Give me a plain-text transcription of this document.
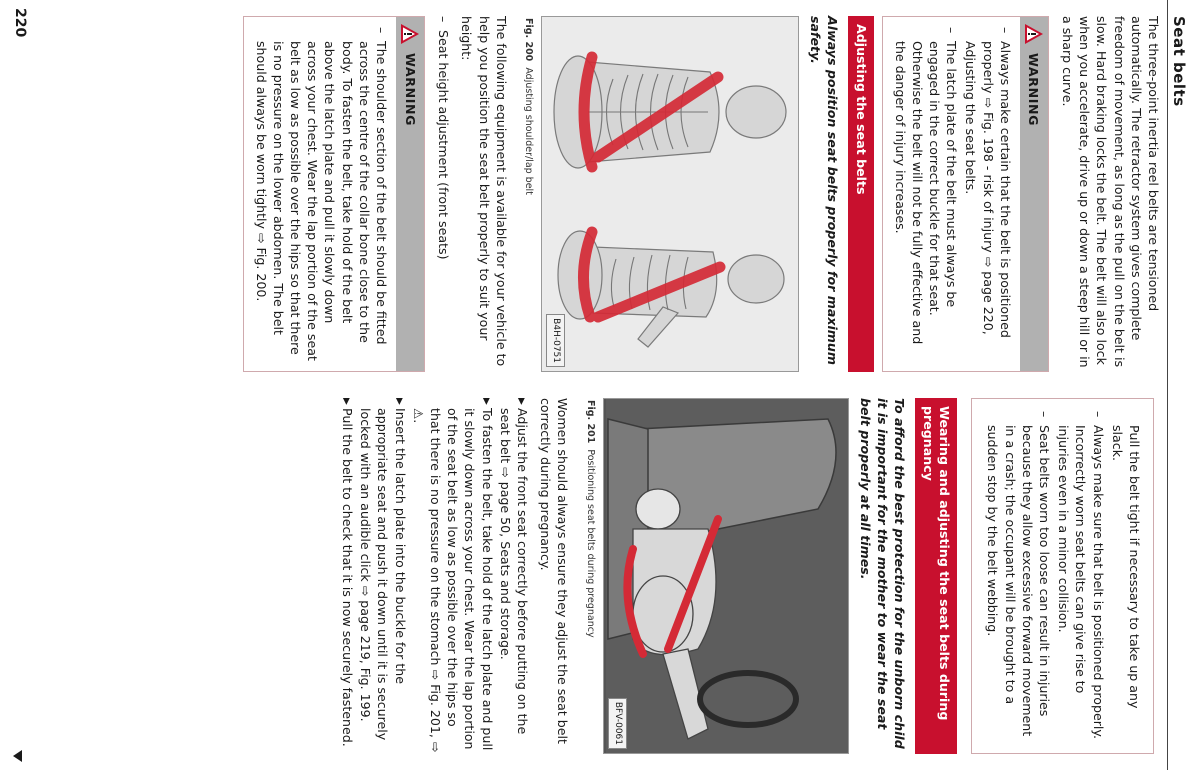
Seat belts

The three-point inertia reel belts are tensioned automatically. The retractor system gives complete freedom of movement, as long as the pull on the belt is slow. Hard braking locks the belt. The belt will also lock when you accelerate, drive up or down a steep hill or in a sharp curve.

WARNING
–
Always make certain that the belt is positioned properly ⇨ Fig. 198 - risk of injury ⇨ page 220, Adjusting the seat belts.
–
The latch plate of the belt must always be engaged in the correct buckle for that seat. Otherwise the belt will not be fully effective and the danger of injury increases.
Adjusting the seat belts
Always position seat belts properly for maximum safety.
B4H-0751
Fig. 200  Adjusting shoulder/lap belt

The following equipment is available for your vehicle to help you position the seat belt properly to suit your height:

–
Seat height adjustment (front seats)
WARNING
–
The shoulder section of the belt should be fitted across the centre of the collar bone close to the body. To fasten the belt, take hold of the belt above the latch plate and pull it slowly down across your chest. Wear the lap portion of the seat belt as low as possible over the hips so that there is no pressure on the lower abdomen. The belt should always be worn tightly ⇨ Fig. 200.

Pull the belt tight if necessary to take up any slack.
–
Always make sure that belt is positioned properly. Incorrectly worn seat belts can give rise to injuries even in a minor collision.
–
Seat belts worn too loose can result in injuries because they allow excessive forward movement in a crash; the occupant will be brought to a sudden stop by the belt webbing.
Wearing and adjusting the seat belts during pregnancy
To afford the best protection for the unborn child it is important for the mother to wear the seat belt properly at all times.
BFV-0061
Fig. 201  Positioning seat belts during pregnancy

Women should always ensure they adjust the seat belt correctly during pregnancy.

▶
Adjust the front seat correctly before putting on the seat belt ⇨ page 50, Seats and storage.
▶
To fasten the belt, take hold of the latch plate and pull it slowly down across your chest. Wear the lap portion of the seat belt as low as possible over the hips so that there is no pressure on the stomach ⇨ Fig. 201, ⇨ ⚠.
▶
Insert the latch plate into the buckle for the appropriate seat and push it down until it is securely locked with an audible click ⇨ page 219, Fig. 199.
▶
Pull the belt to check that it is now securely fastened.
220
